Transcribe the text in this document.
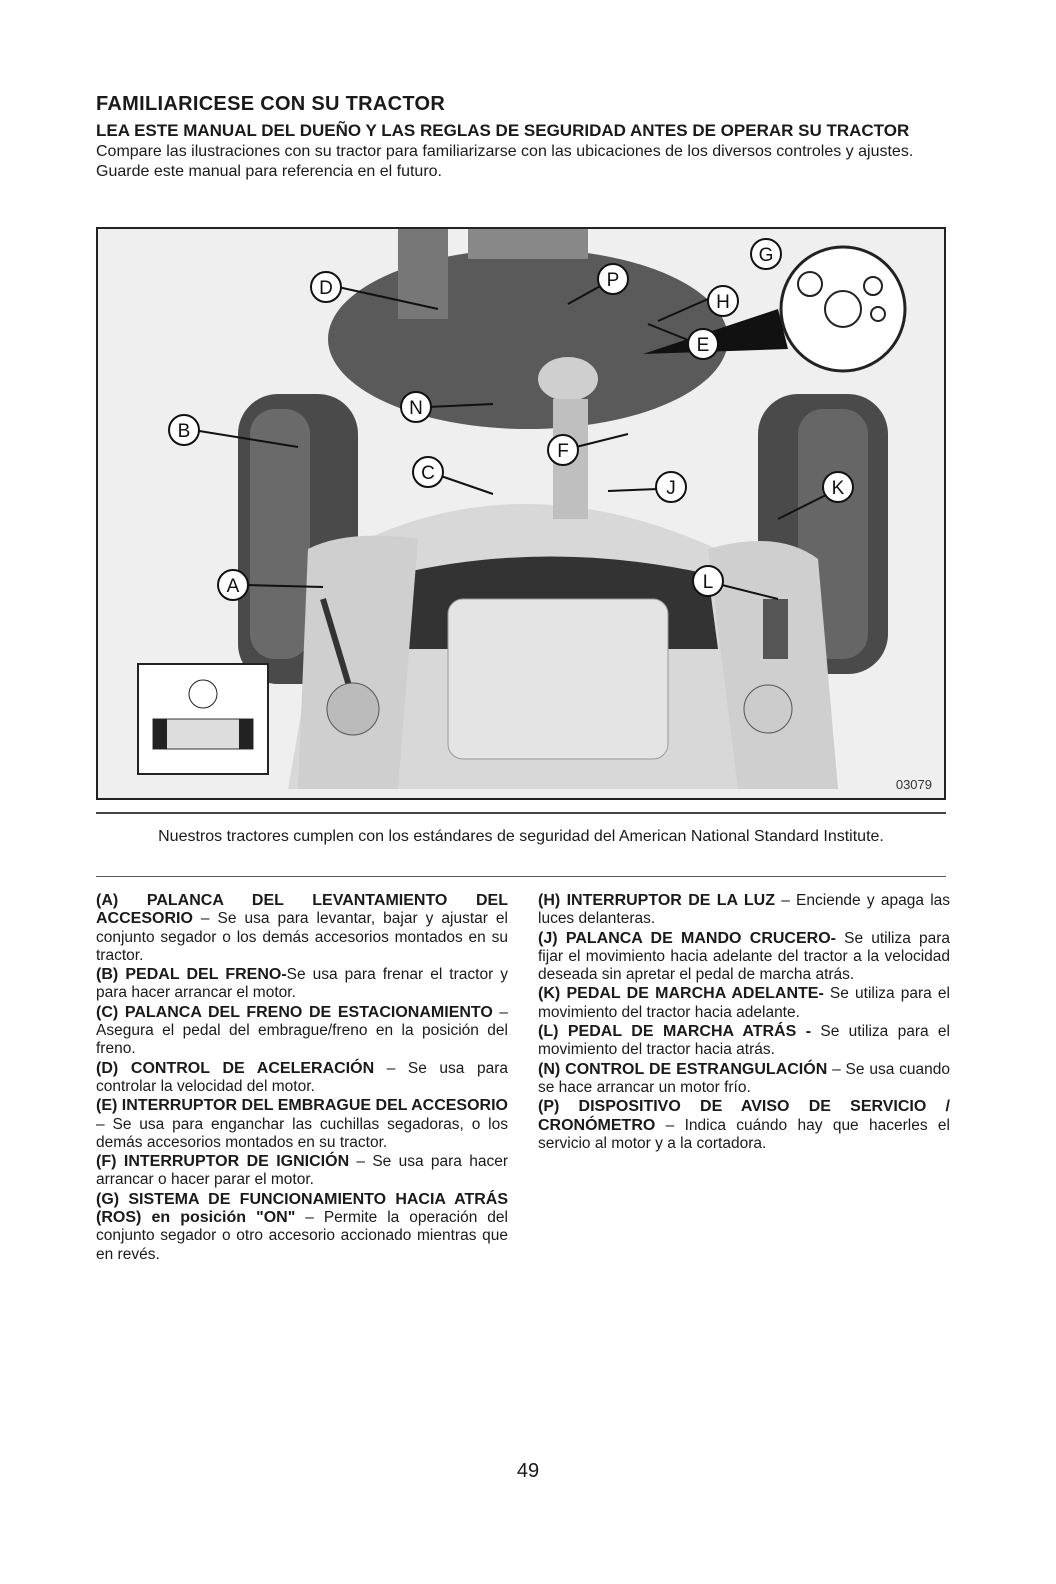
FAMILIARICESE CON SU TRACTOR

LEA ESTE MANUAL DEL DUEÑO Y LAS REGLAS DE SEGURIDAD ANTES DE OPERAR SU TRACTOR

Compare las ilustraciones con su tractor para familiarizarse con las ubicaciones de los diversos controles y ajustes. Guarde este manual para referencia en el futuro.

D	P
G
H
E
B
N
F
C
J	K
A	L
03079
Nuestros tractores cumplen con los estándares de seguridad del American National Standard Institute.

(A) PALANCA DEL LEVANTAMIENTO DEL ACCESORIO – Se usa para levantar, bajar y ajustar el conjunto segador o los demás accesorios montados en su tractor.

(B) PEDAL DEL FRENO-Se usa para frenar el tractor y para hacer arrancar el motor.

(C) PALANCA DEL FRENO DE ESTACIONAMIENTO – Asegura el pedal del embrague/freno en la posición del freno.

(D) CONTROL DE ACELERACIÓN – Se usa para controlar la velocidad del motor.

(E) INTERRUPTOR DEL EMBRAGUE DEL ACCESORIO – Se usa para enganchar las cuchillas segadoras, o los demás accesorios montados en su tractor.

(F) INTERRUPTOR DE IGNICIÓN – Se usa para hacer arrancar o hacer parar el motor.

(G) SISTEMA DE FUNCIONAMIENTO HACIA ATRÁS (ROS) en posición "ON" – Permite la operación del conjunto segador o otro accesorio accionado mientras que en revés.

(H) INTERRUPTOR DE LA LUZ – Enciende y apaga las luces delanteras.

(J) PALANCA DE MANDO CRUCERO- Se utiliza para fijar el movimiento hacia adelante del tractor a la velocidad deseada sin apretar el pedal de marcha atrás.

(K) PEDAL DE MARCHA ADELANTE- Se utiliza para el movimiento del tractor hacia adelante.

(L) PEDAL DE MARCHA ATRÁS - Se utiliza para el movimiento del tractor hacia atrás.

(N) CONTROL DE ESTRANGULACIÓN – Se usa cuando se hace arrancar un motor frío.

(P) DISPOSITIVO DE AVISO DE SERVICIO / CRONÓMETRO – Indica cuándo hay que hacerles el servicio al motor y a la cortadora.

49
